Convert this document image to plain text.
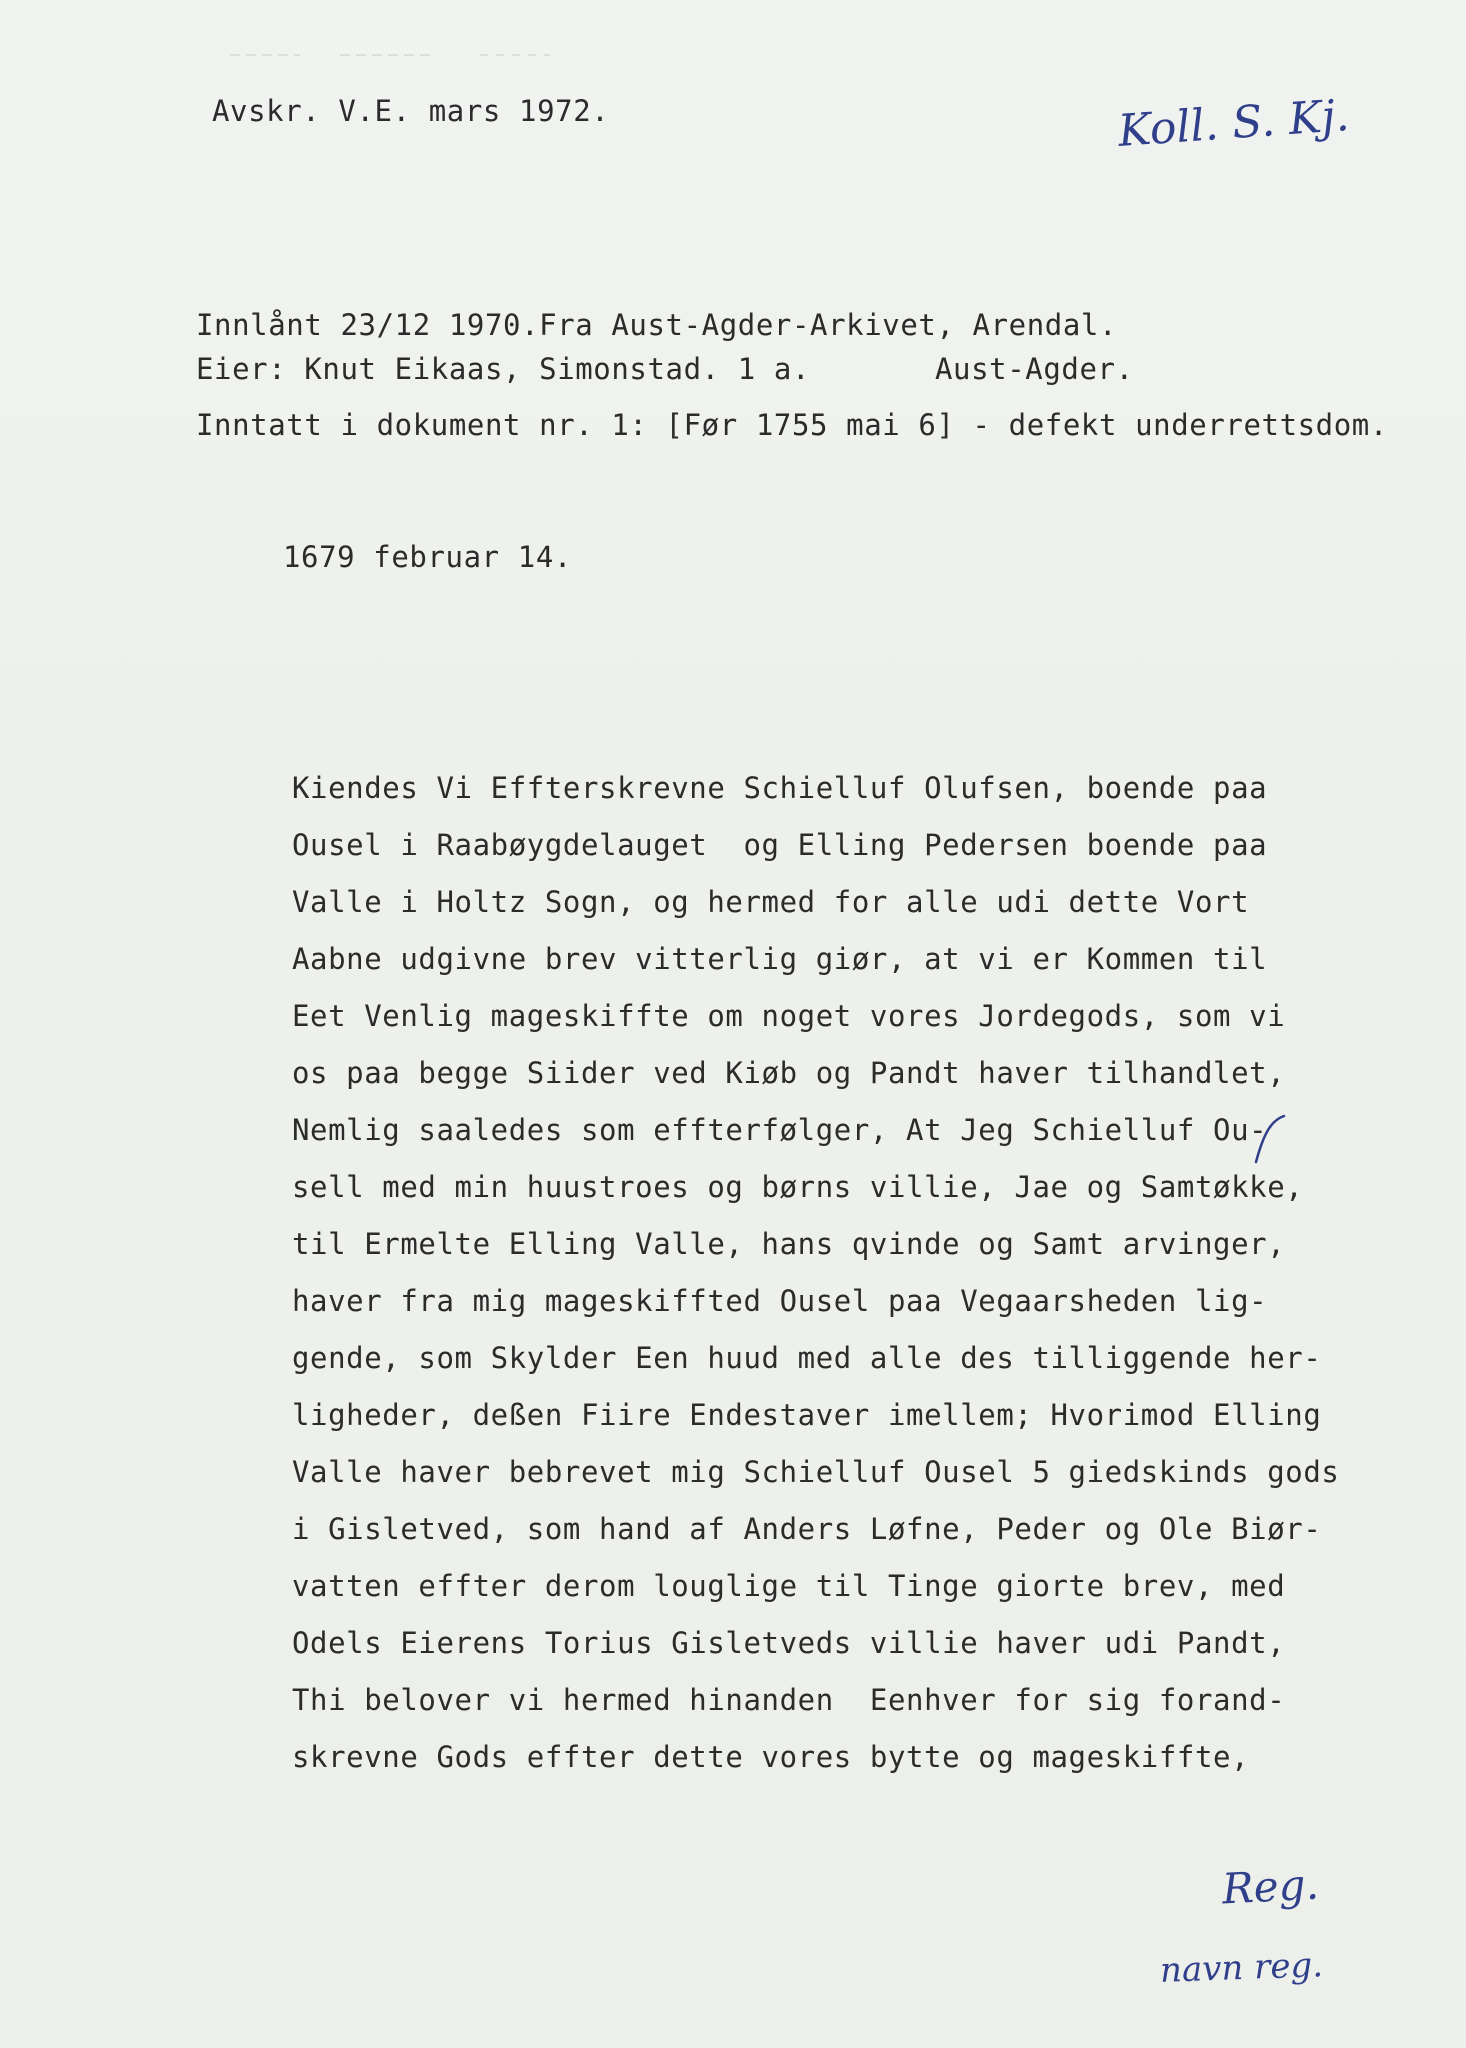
Avskr. V.E. mars 1972.	Koll. S. Kj.
Innlånt 23/12 1970.Fra Aust-Agder-Arkivet, Arendal.
Eier: Knut Eikaas, Simonstad. 1 a.	Aust-Agder.
Inntatt i dokument nr. 1: [Før 1755 mai 6] - defekt underrettsdom.
1679 februar 14.
Kiendes Vi Effterskrevne Schielluf Olufsen, boende paa
Ousel i Raabøygdelauget  og Elling Pedersen boende paa
Valle i Holtz Sogn, og hermed for alle udi dette Vort
Aabne udgivne brev vitterlig giør, at vi er Kommen til
Eet Venlig mageskiffte om noget vores Jordegods, som vi
os paa begge Siider ved Kiøb og Pandt haver tilhandlet,
Nemlig saaledes som effterfølger, At Jeg Schielluf Ou-
sell med min huustroes og børns villie, Jae og Samtøkke,
til Ermelte Elling Valle, hans qvinde og Samt arvinger,
haver fra mig mageskiffted Ousel paa Vegaarsheden lig-
gende, som Skylder Een huud med alle des tilliggende her-
ligheder, deßen Fiire Endestaver imellem; Hvorimod Elling
Valle haver bebrevet mig Schielluf Ousel 5 giedskinds gods
i Gisletved, som hand af Anders Løfne, Peder og Ole Biør-
vatten effter derom louglige til Tinge giorte brev, med
Odels Eierens Torius Gisletveds villie haver udi Pandt,
Thi belover vi hermed hinanden  Eenhver for sig forand-
skrevne Gods effter dette vores bytte og mageskiffte,
Reg.
navn reg.
